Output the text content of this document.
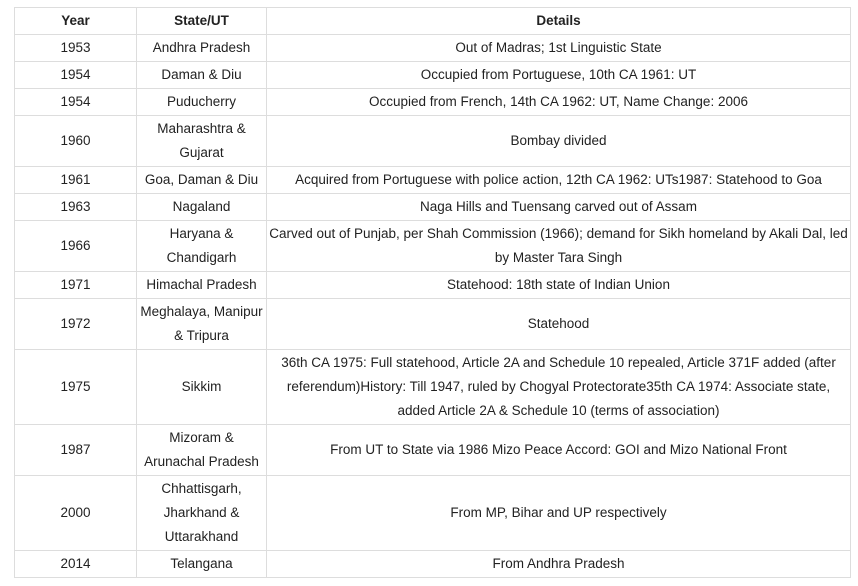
Year	State/UT	Details
1953	Andhra Pradesh	Out of Madras; 1st Linguistic State
1954	Daman & Diu	Occupied from Portuguese, 10th CA 1961: UT
1954	Puducherry	Occupied from French, 14th CA 1962: UT, Name Change: 2006
1960	Maharashtra & Gujarat	Bombay divided
1961	Goa, Daman & Diu	Acquired from Portuguese with police action, 12th CA 1962: UTs1987: Statehood to Goa
1963	Nagaland	Naga Hills and Tuensang carved out of Assam
1966	Haryana & Chandigarh	Carved out of Punjab, per Shah Commission (1966); demand for Sikh homeland by Akali Dal, led by Master Tara Singh
1971	Himachal Pradesh	Statehood: 18th state of Indian Union
1972	Meghalaya, Manipur & Tripura	Statehood
1975	Sikkim	36th CA 1975: Full statehood, Article 2A and Schedule 10 repealed, Article 371F added (after referendum)History: Till 1947, ruled by Chogyal Protectorate35th CA 1974: Associate state, added Article 2A & Schedule 10 (terms of association)
1987	Mizoram & Arunachal Pradesh	From UT to State via 1986 Mizo Peace Accord: GOI and Mizo National Front
2000	Chhattisgarh, Jharkhand & Uttarakhand	From MP, Bihar and UP respectively
2014	Telangana	From Andhra Pradesh
